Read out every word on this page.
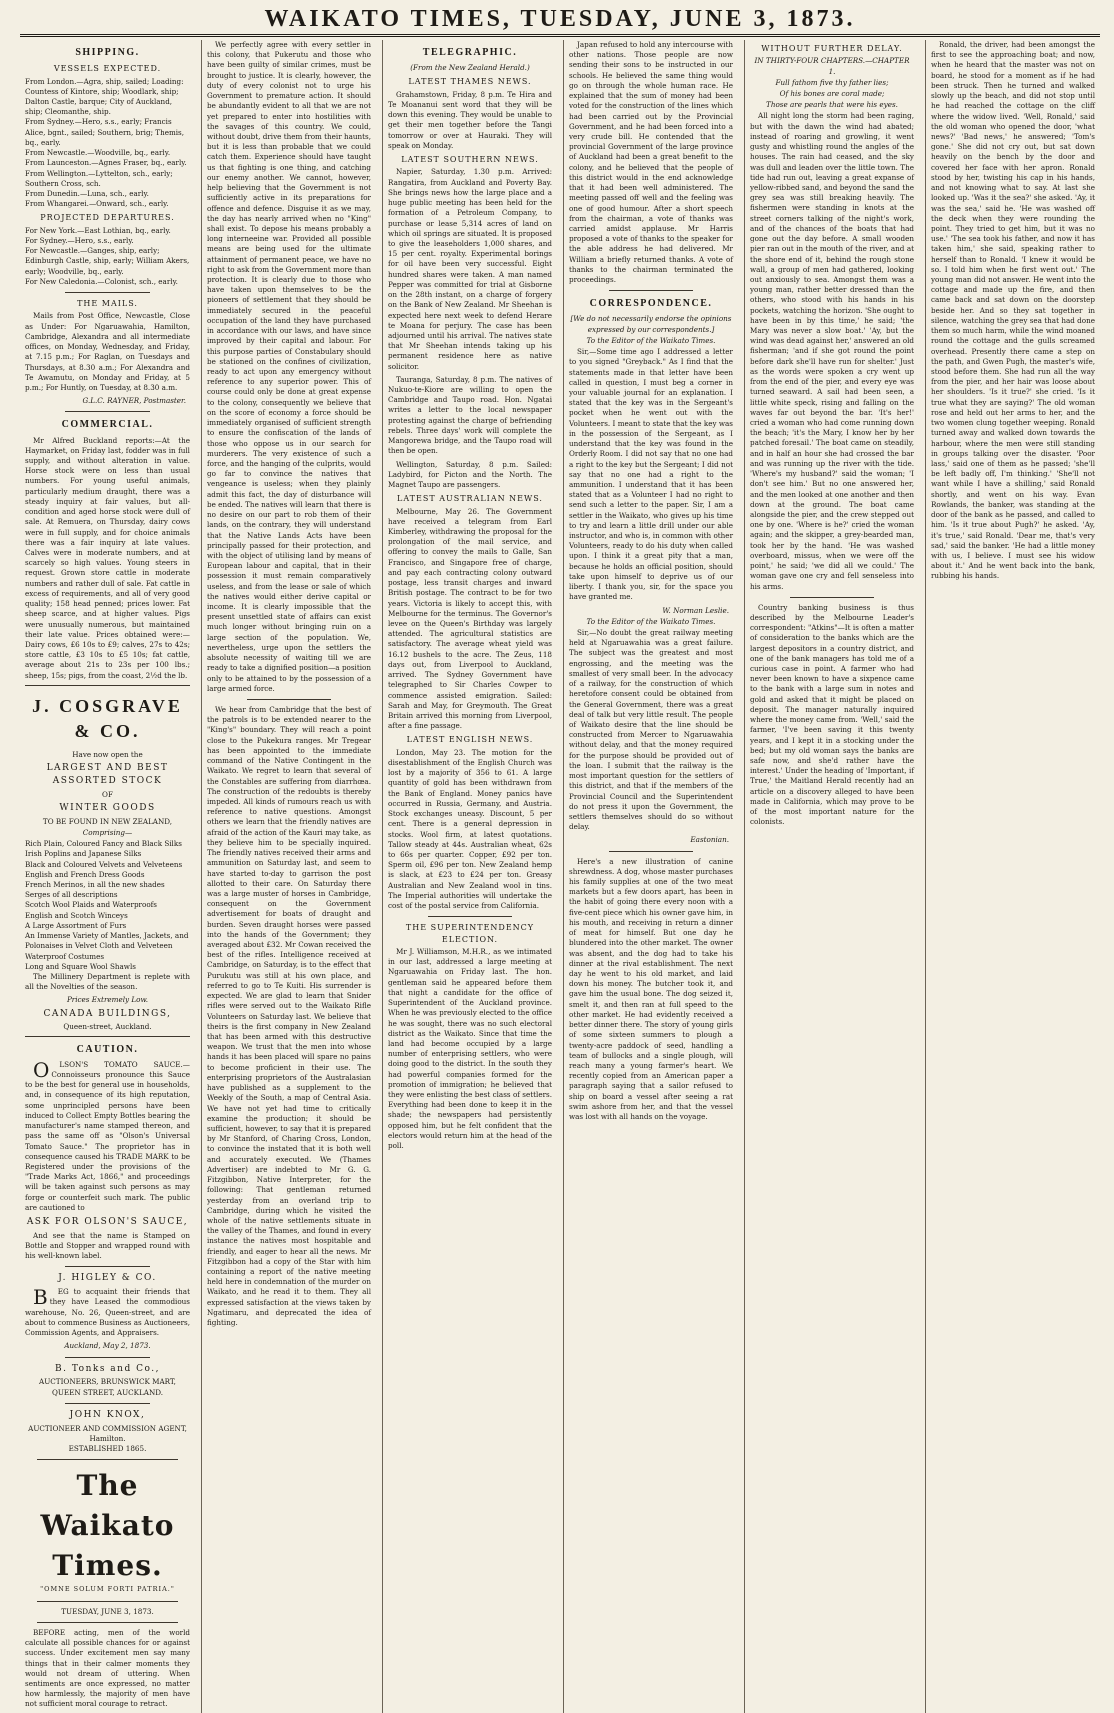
WAIKATO TIMES, TUESDAY, JUNE 3, 1873.
SHIPPING.
VESSELS EXPECTED.
From London.—Agra, ship, sailed; Loading: Countess of Kintore, ship; Woodlark, ship; Dalton Castle, barque; City of Auckland, ship; Cleomanthe, ship.
From Sydney.—Hero, s.s., early; Francis Alice, bgnt., sailed; Southern, brig; Themis, bq., early.
From Newcastle.—Woodville, bq., early.
From Launceston.—Agnes Fraser, bq., early.
From Wellington.—Lyttelton, sch., early; Southern Cross, sch.
From Dunedin.—Luna, sch., early.
From Whangarei.—Onward, sch., early.
PROJECTED DEPARTURES.
For New York.—East Lothian, bq., early.
For Sydney.—Hero, s.s., early.
For Newcastle.—Ganges, ship, early; Edinburgh Castle, ship, early; William Akers, early; Woodville, bq., early.
For New Caledonia.—Colonist, sch., early.
THE MAILS.

Mails from Post Office, Newcastle, Close as Under: For Ngaruawahia, Hamilton, Cambridge, Alexandra and all intermediate offices, on Monday, Wednesday, and Friday, at 7.15 p.m.; For Raglan, on Tuesdays and Thursdays, at 8.30 a.m.; For Alexandra and Te Awamutu, on Monday and Friday, at 5 p.m.; For Huntly, on Tuesday, at 8.30 a.m.

G.L.C. RAYNER, Postmaster.
COMMERCIAL.

Mr Alfred Buckland reports:—At the Haymarket, on Friday last, fodder was in full supply, and without alteration in value. Horse stock were on less than usual numbers. For young useful animals, particularly medium draught, there was a steady inquiry at fair values, but all-condition and aged horse stock were dull of sale. At Remuera, on Thursday, dairy cows were in full supply, and for choice animals there was a fair inquiry at late values. Calves were in moderate numbers, and at scarcely so high values. Young steers in request. Grown store cattle in moderate numbers and rather dull of sale. Fat cattle in excess of requirements, and all of very good quality; 158 head penned; prices lower. Fat sheep scarce, and at higher values. Pigs were unusually numerous, but maintained their late value. Prices obtained were:—Dairy cows, £6 10s to £9; calves, 27s to 42s; store cattle, £3 10s to £5 10s; fat cattle, average about 21s to 23s per 100 lbs.; sheep, 15s; pigs, from the coast, 2½d the lb.

J. COSGRAVE & CO.
Have now open the
LARGEST AND BEST ASSORTED STOCK
OF
WINTER GOODS
TO BE FOUND IN NEW ZEALAND,
Comprising—
Rich Plain, Coloured Fancy and Black Silks
Irish Poplins and Japanese Silks
Black and Coloured Velvets and Velveteens
English and French Dress Goods
French Merinos, in all the new shades
Serges of all descriptions
Scotch Wool Plaids and Waterproofs
English and Scotch Winceys
A Large Assortment of Furs
An Immense Variety of Mantles, Jackets, and Polonaises in Velvet Cloth and Velveteen
Waterproof Costumes
Long and Square Wool Shawls

The Millinery Department is replete with all the Novelties of the season.

Prices Extremely Low.
CANADA BUILDINGS,
Queen-street, Auckland.
CAUTION.

OLSON'S TOMATO SAUCE.—Connoisseurs pronounce this Sauce to be the best for general use in households, and, in consequence of its high reputation, some unprincipled persons have been induced to Collect Empty Bottles bearing the manufacturer's name stamped thereon, and pass the same off as "Olson's Universal Tomato Sauce." The proprietor has in consequence caused his TRADE MARK to be Registered under the provisions of the "Trade Marks Act, 1866," and proceedings will be taken against such persons as may forge or counterfeit such mark. The public are cautioned to

ASK FOR OLSON'S SAUCE,

And see that the name is Stamped on Bottle and Stopper and wrapped round with his well-known label.

J. HIGLEY & CO.

BEG to acquaint their friends that they have Leased the commodious warehouse, No. 26, Queen-street, and are about to commence Business as Auctioneers, Commission Agents, and Appraisers.

Auckland, May 2, 1873.
B. Tonks and Co.,
AUCTIONEERS, BRUNSWICK MART,
QUEEN STREET, AUCKLAND.
JOHN KNOX,
AUCTIONEER AND COMMISSION AGENT,
Hamilton.
ESTABLISHED 1865.
The Waikato Times.
"OMNE SOLUM FORTI PATRIA."
TUESDAY, JUNE 3, 1873.

BEFORE acting, men of the world calculate all possible chances for or against success. Under excitement men say many things that in their calmer moments they would not dream of uttering. When sentiments are once expressed, no matter how harmlessly, the majority of men have not sufficient moral courage to retract.

We perfectly agree with every settler in this colony, that Pukerutu and those who have been guilty of similar crimes, must be brought to justice. It is clearly, however, the duty of every colonist not to urge his Government to premature action. It should be abundantly evident to all that we are not yet prepared to enter into hostilities with the savages of this country. We could, without doubt, drive them from their haunts, but it is less than probable that we could catch them. Experience should have taught us that fighting is one thing, and catching our enemy another. We cannot, however, help believing that the Government is not sufficiently active in its preparations for offence and defence. Disguise it as we may, the day has nearly arrived when no "King" shall exist. To depose his means probably a long interneeine war. Provided all possible means are being used for the ultimate attainment of permanent peace, we have no right to ask from the Government more than protection. It is clearly due to those who have taken upon themselves to be the pioneers of settlement that they should be immediately secured in the peaceful occupation of the land they have purchased in accordance with our laws, and have since improved by their capital and labour. For this purpose parties of Constabulary should be stationed on the confines of civilization, ready to act upon any emergency without reference to any superior power. This of course could only be done at great expense to the colony, consequently we believe that on the score of economy a force should be immediately organised of sufficient strength to ensure the confiscation of the lands of those who oppose us in our search for murderers. The very existence of such a force, and the hanging of the culprits, would go far to convince the natives that vengeance is useless; when they plainly admit this fact, the day of disturbance will be ended. The natives will learn that there is no desire on our part to rob them of their lands, on the contrary, they will understand that the Native Lands Acts have been principally passed for their protection, and with the object of utilising land by means of European labour and capital, that in their possession it must remain comparatively useless, and from the lease or sale of which the natives would either derive capital or income. It is clearly impossible that the present unsettled state of affairs can exist much longer without bringing ruin on a large section of the population. We, nevertheless, urge upon the settlers the absolute necessity of waiting till we are ready to take a dignified position—a position only to be attained to by the possession of a large armed force.

We hear from Cambridge that the best of the patrols is to be extended nearer to the "King's" boundary. They will reach a point close to the Pukekura ranges. Mr Tregear has been appointed to the immediate command of the Native Contingent in the Waikato. We regret to learn that several of the Constables are suffering from diarrhœa. The construction of the redoubts is thereby impeded. All kinds of rumours reach us with reference to native questions. Amongst others we learn that the friendly natives are afraid of the action of the Kauri may take, as they believe him to be specially inquired. The friendly natives received their arms and ammunition on Saturday last, and seem to have started to-day to garrison the post allotted to their care. On Saturday there was a large muster of horses in Cambridge, consequent on the Government advertisement for boats of draught and burden. Seven draught horses were passed into the hands of the Government; they averaged about £32. Mr Cowan received the best of the rifles. Intelligence received at Cambridge, on Saturday, is to the effect that Purukutu was still at his own place, and referred to go to Te Kuiti. His surrender is expected. We are glad to learn that Snider rifles were served out to the Waikato Rifle Volunteers on Saturday last. We believe that theirs is the first company in New Zealand that has been armed with this destructive weapon. We trust that the men into whose hands it has been placed will spare no pains to become proficient in their use. The enterprising proprietors of the Australasian have published as a supplement to the Weekly of the South, a map of Central Asia. We have not yet had time to critically examine the production; it should be sufficient, however, to say that it is prepared by Mr Stanford, of Charing Cross, London, to convince the instated that it is both well and accurately executed. We (Thames Advertiser) are indebted to Mr G. G. Fitzgibbon, Native Interpreter, for the following: That gentleman returned yesterday from an overland trip to Cambridge, during which he visited the whole of the native settlements situate in the valley of the Thames, and found in every instance the natives most hospitable and friendly, and eager to hear all the news. Mr Fitzgibbon had a copy of the Star with him containing a report of the native meeting held here in condemnation of the murder on Waikato, and he read it to them. They all expressed satisfaction at the views taken by Ngatimaru, and deprecated the idea of fighting.

TELEGRAPHIC.
(From the New Zealand Herald.)
LATEST THAMES NEWS.

Grahamstown, Friday, 8 p.m. Te Hira and Te Moananui sent word that they will be down this evening. They would be unable to get their men together before the Tangi tomorrow or over at Hauraki. They will speak on Monday.

LATEST SOUTHERN NEWS.

Napier, Saturday, 1.30 p.m. Arrived: Rangatira, from Auckland and Poverty Bay. She brings news how the large place and a huge public meeting has been held for the formation of a Petroleum Company, to purchase or lease 5,314 acres of land on which oil springs are situated. It is proposed to give the leaseholders 1,000 shares, and 15 per cent. royalty. Experimental borings for oil have been very successful. Eight hundred shares were taken. A man named Pepper was committed for trial at Gisborne on the 28th instant, on a charge of forgery on the Bank of New Zealand. Mr Sheehan is expected here next week to defend Herare te Moana for perjury. The case has been adjourned until his arrival. The natives state that Mr Sheehan intends taking up his permanent residence here as native solicitor.

Tauranga, Saturday, 8 p.m. The natives of Nukuo-te-Kiore are willing to open the Cambridge and Taupo road. Hon. Ngatai writes a letter to the local newspaper protesting against the charge of befriending rebels. Three days' work will complete the Mangorewa bridge, and the Taupo road will then be open.

Wellington, Saturday, 8 p.m. Sailed: Ladybird, for Picton and the North. The Magnet Taupo are passengers.

LATEST AUSTRALIAN NEWS.

Melbourne, May 26. The Government have received a telegram from Earl Kimberley, withdrawing the proposal for the prolongation of the mail service, and offering to convey the mails to Galle, San Francisco, and Singapore free of charge, and pay each contracting colony outward postage, less transit charges and inward British postage. The contract to be for two years. Victoria is likely to accept this, with Melbourne for the terminus. The Governor's levee on the Queen's Birthday was largely attended. The agricultural statistics are satisfactory. The average wheat yield was 16.12 bushels to the acre. The Zeus, 118 days out, from Liverpool to Auckland, arrived. The Sydney Government have telegraphed to Sir Charles Cowper to commence assisted emigration. Sailed: Sarah and May, for Greymouth. The Great Britain arrived this morning from Liverpool, after a fine passage.

LATEST ENGLISH NEWS.

London, May 23. The motion for the disestablishment of the English Church was lost by a majority of 356 to 61. A large quantity of gold has been withdrawn from the Bank of England. Money panics have occurred in Russia, Germany, and Austria. Stock exchanges uneasy. Discount, 5 per cent. There is a general depression in stocks. Wool firm, at latest quotations. Tallow steady at 44s. Australian wheat, 62s to 66s per quarter. Copper, £92 per ton. Sperm oil, £96 per ton. New Zealand hemp is slack, at £23 to £24 per ton. Greasy Australian and New Zealand wool in tins. The Imperial authorities will undertake the cost of the postal service from California.

THE SUPERINTENDENCY ELECTION.

Mr J. Williamson, M.H.R., as we intimated in our last, addressed a large meeting at Ngaruawahia on Friday last. The hon. gentleman said he appeared before them that night a candidate for the office of Superintendent of the Auckland province. When he was previously elected to the office he was sought, there was no such electoral district as the Waikato. Since that time the land had become occupied by a large number of enterprising settlers, who were doing good to the district. In the south they had powerful companies formed for the promotion of immigration; he believed that they were enlisting the best class of settlers. Everything had been done to keep it in the shade; the newspapers had persistently opposed him, but he felt confident that the electors would return him at the head of the poll.

Japan refused to hold any intercourse with other nations. Those people are now sending their sons to be instructed in our schools. He believed the same thing would go on through the whole human race. He explained that the sum of money had been voted for the construction of the lines which had been carried out by the Provincial Government, and he had been forced into a very crude bill. He contended that the provincial Government of the large province of Auckland had been a great benefit to the colony, and he believed that the people of this district would in the end acknowledge that it had been well administered. The meeting passed off well and the feeling was one of good humour. After a short speech from the chairman, a vote of thanks was carried amidst applause. Mr Harris proposed a vote of thanks to the speaker for the able address he had delivered. Mr William a briefly returned thanks. A vote of thanks to the chairman terminated the proceedings.

CORRESPONDENCE.
[We do not necessarily endorse the opinions expressed by our correspondents.]
To the Editor of the Waikato Times.

Sir,—Some time ago I addressed a letter to you signed "Greyback." As I find that the statements made in that letter have been called in question, I must beg a corner in your valuable journal for an explanation. I stated that the key was in the Sergeant's pocket when he went out with the Volunteers. I meant to state that the key was in the possession of the Sergeant, as I understand that the key was found in the Orderly Room. I did not say that no one had a right to the key but the Sergeant; I did not say that no one had a right to the ammunition. I understand that it has been stated that as a Volunteer I had no right to send such a letter to the paper. Sir, I am a settler in the Waikato, who gives up his time to try and learn a little drill under our able instructor, and who is, in common with other Volunteers, ready to do his duty when called upon. I think it a great pity that a man, because he holds an official position, should take upon himself to deprive us of our liberty. I thank you, sir, for the space you have granted me.

W. Norman Leslie.
To the Editor of the Waikato Times.

Sir,—No doubt the great railway meeting held at Ngaruawahia was a great failure. The subject was the greatest and most engrossing, and the meeting was the smallest of very small beer. In the advocacy of a railway, for the construction of which heretofore consent could be obtained from the General Government, there was a great deal of talk but very little result. The people of Waikato desire that the line should be constructed from Mercer to Ngaruawahia without delay, and that the money required for the purpose should be provided out of the loan. I submit that the railway is the most important question for the settlers of this district, and that if the members of the Provincial Council and the Superintendent do not press it upon the Government, the settlers themselves should do so without delay.

Eastonian.

Here's a new illustration of canine shrewdness. A dog, whose master purchases his family supplies at one of the two meat markets but a few doors apart, has been in the habit of going there every noon with a five-cent piece which his owner gave him, in his mouth, and receiving in return a dinner of meat for himself. But one day he blundered into the other market. The owner was absent, and the dog had to take his dinner at the rival establishment. The next day he went to his old market, and laid down his money. The butcher took it, and gave him the usual bone. The dog seized it, smelt it, and then ran at full speed to the other market. He had evidently received a better dinner there. The story of young girls of some sixteen summers to plough a twenty-acre paddock of seed, handling a team of bullocks and a single plough, will reach many a young farmer's heart. We recently copied from an American paper a paragraph saying that a sailor refused to ship on board a vessel after seeing a rat swim ashore from her, and that the vessel was lost with all hands on the voyage.

WITHOUT FURTHER DELAY.
IN THIRTY-FOUR CHAPTERS.—CHAPTER 1.
Full fathom five thy father lies;
Of his bones are coral made;
Those are pearls that were his eyes.

All night long the storm had been raging, but with the dawn the wind had abated; instead of roaring and growling, it went gusty and whistling round the angles of the houses. The rain had ceased, and the sky was dull and leaden over the little town. The tide had run out, leaving a great expanse of yellow-ribbed sand, and beyond the sand the grey sea was still breaking heavily. The fishermen were standing in knots at the street corners talking of the night's work, and of the chances of the boats that had gone out the day before. A small wooden pier ran out in the mouth of the river, and at the shore end of it, behind the rough stone wall, a group of men had gathered, looking out anxiously to sea. Amongst them was a young man, rather better dressed than the others, who stood with his hands in his pockets, watching the horizon. 'She ought to have been in by this time,' he said; 'the Mary was never a slow boat.' 'Ay, but the wind was dead against her,' answered an old fisherman; 'and if she got round the point before dark she'll have run for shelter.' Just as the words were spoken a cry went up from the end of the pier, and every eye was turned seaward. A sail had been seen, a little white speck, rising and falling on the waves far out beyond the bar. 'It's her!' cried a woman who had come running down the beach; 'it's the Mary, I know her by her patched foresail.' The boat came on steadily, and in half an hour she had crossed the bar and was running up the river with the tide. 'Where's my husband?' said the woman; 'I don't see him.' But no one answered her, and the men looked at one another and then down at the ground. The boat came alongside the pier, and the crew stepped out one by one. 'Where is he?' cried the woman again; and the skipper, a grey-bearded man, took her by the hand. 'He was washed overboard, missus, when we were off the point,' he said; 'we did all we could.' The woman gave one cry and fell senseless into his arms.

Country banking business is thus described by the Melbourne Leader's correspondent: "Atkins"—It is often a matter of consideration to the banks which are the largest depositors in a country district, and one of the bank managers has told me of a curious case in point. A farmer who had never been known to have a sixpence came to the bank with a large sum in notes and gold and asked that it might be placed on deposit. The manager naturally inquired where the money came from. 'Well,' said the farmer, 'I've been saving it this twenty years, and I kept it in a stocking under the bed; but my old woman says the banks are safe now, and she'd rather have the interest.' Under the heading of 'Important, if True,' the Maitland Herald recently had an article on a discovery alleged to have been made in California, which may prove to be of the most important nature for the colonists.

Ronald, the driver, had been amongst the first to see the approaching boat; and now, when he heard that the master was not on board, he stood for a moment as if he had been struck. Then he turned and walked slowly up the beach, and did not stop until he had reached the cottage on the cliff where the widow lived. 'Well, Ronald,' said the old woman who opened the door, 'what news?' 'Bad news,' he answered; 'Tom's gone.' She did not cry out, but sat down heavily on the bench by the door and covered her face with her apron. Ronald stood by her, twisting his cap in his hands, and not knowing what to say. At last she looked up. 'Was it the sea?' she asked. 'Ay, it was the sea,' said he. 'He was washed off the deck when they were rounding the point. They tried to get him, but it was no use.' 'The sea took his father, and now it has taken him,' she said, speaking rather to herself than to Ronald. 'I knew it would be so. I told him when he first went out.' The young man did not answer. He went into the cottage and made up the fire, and then came back and sat down on the doorstep beside her. And so they sat together in silence, watching the grey sea that had done them so much harm, while the wind moaned round the cottage and the gulls screamed overhead. Presently there came a step on the path, and Gwen Pugh, the master's wife, stood before them. She had run all the way from the pier, and her hair was loose about her shoulders. 'Is it true?' she cried. 'Is it true what they are saying?' The old woman rose and held out her arms to her, and the two women clung together weeping. Ronald turned away and walked down towards the harbour, where the men were still standing in groups talking over the disaster. 'Poor lass,' said one of them as he passed; 'she'll be left badly off, I'm thinking.' 'She'll not want while I have a shilling,' said Ronald shortly, and went on his way. Evan Rowlands, the banker, was standing at the door of the bank as he passed, and called to him. 'Is it true about Pugh?' he asked. 'Ay, it's true,' said Ronald. 'Dear me, that's very sad,' said the banker. 'He had a little money with us, I believe. I must see his widow about it.' And he went back into the bank, rubbing his hands.
